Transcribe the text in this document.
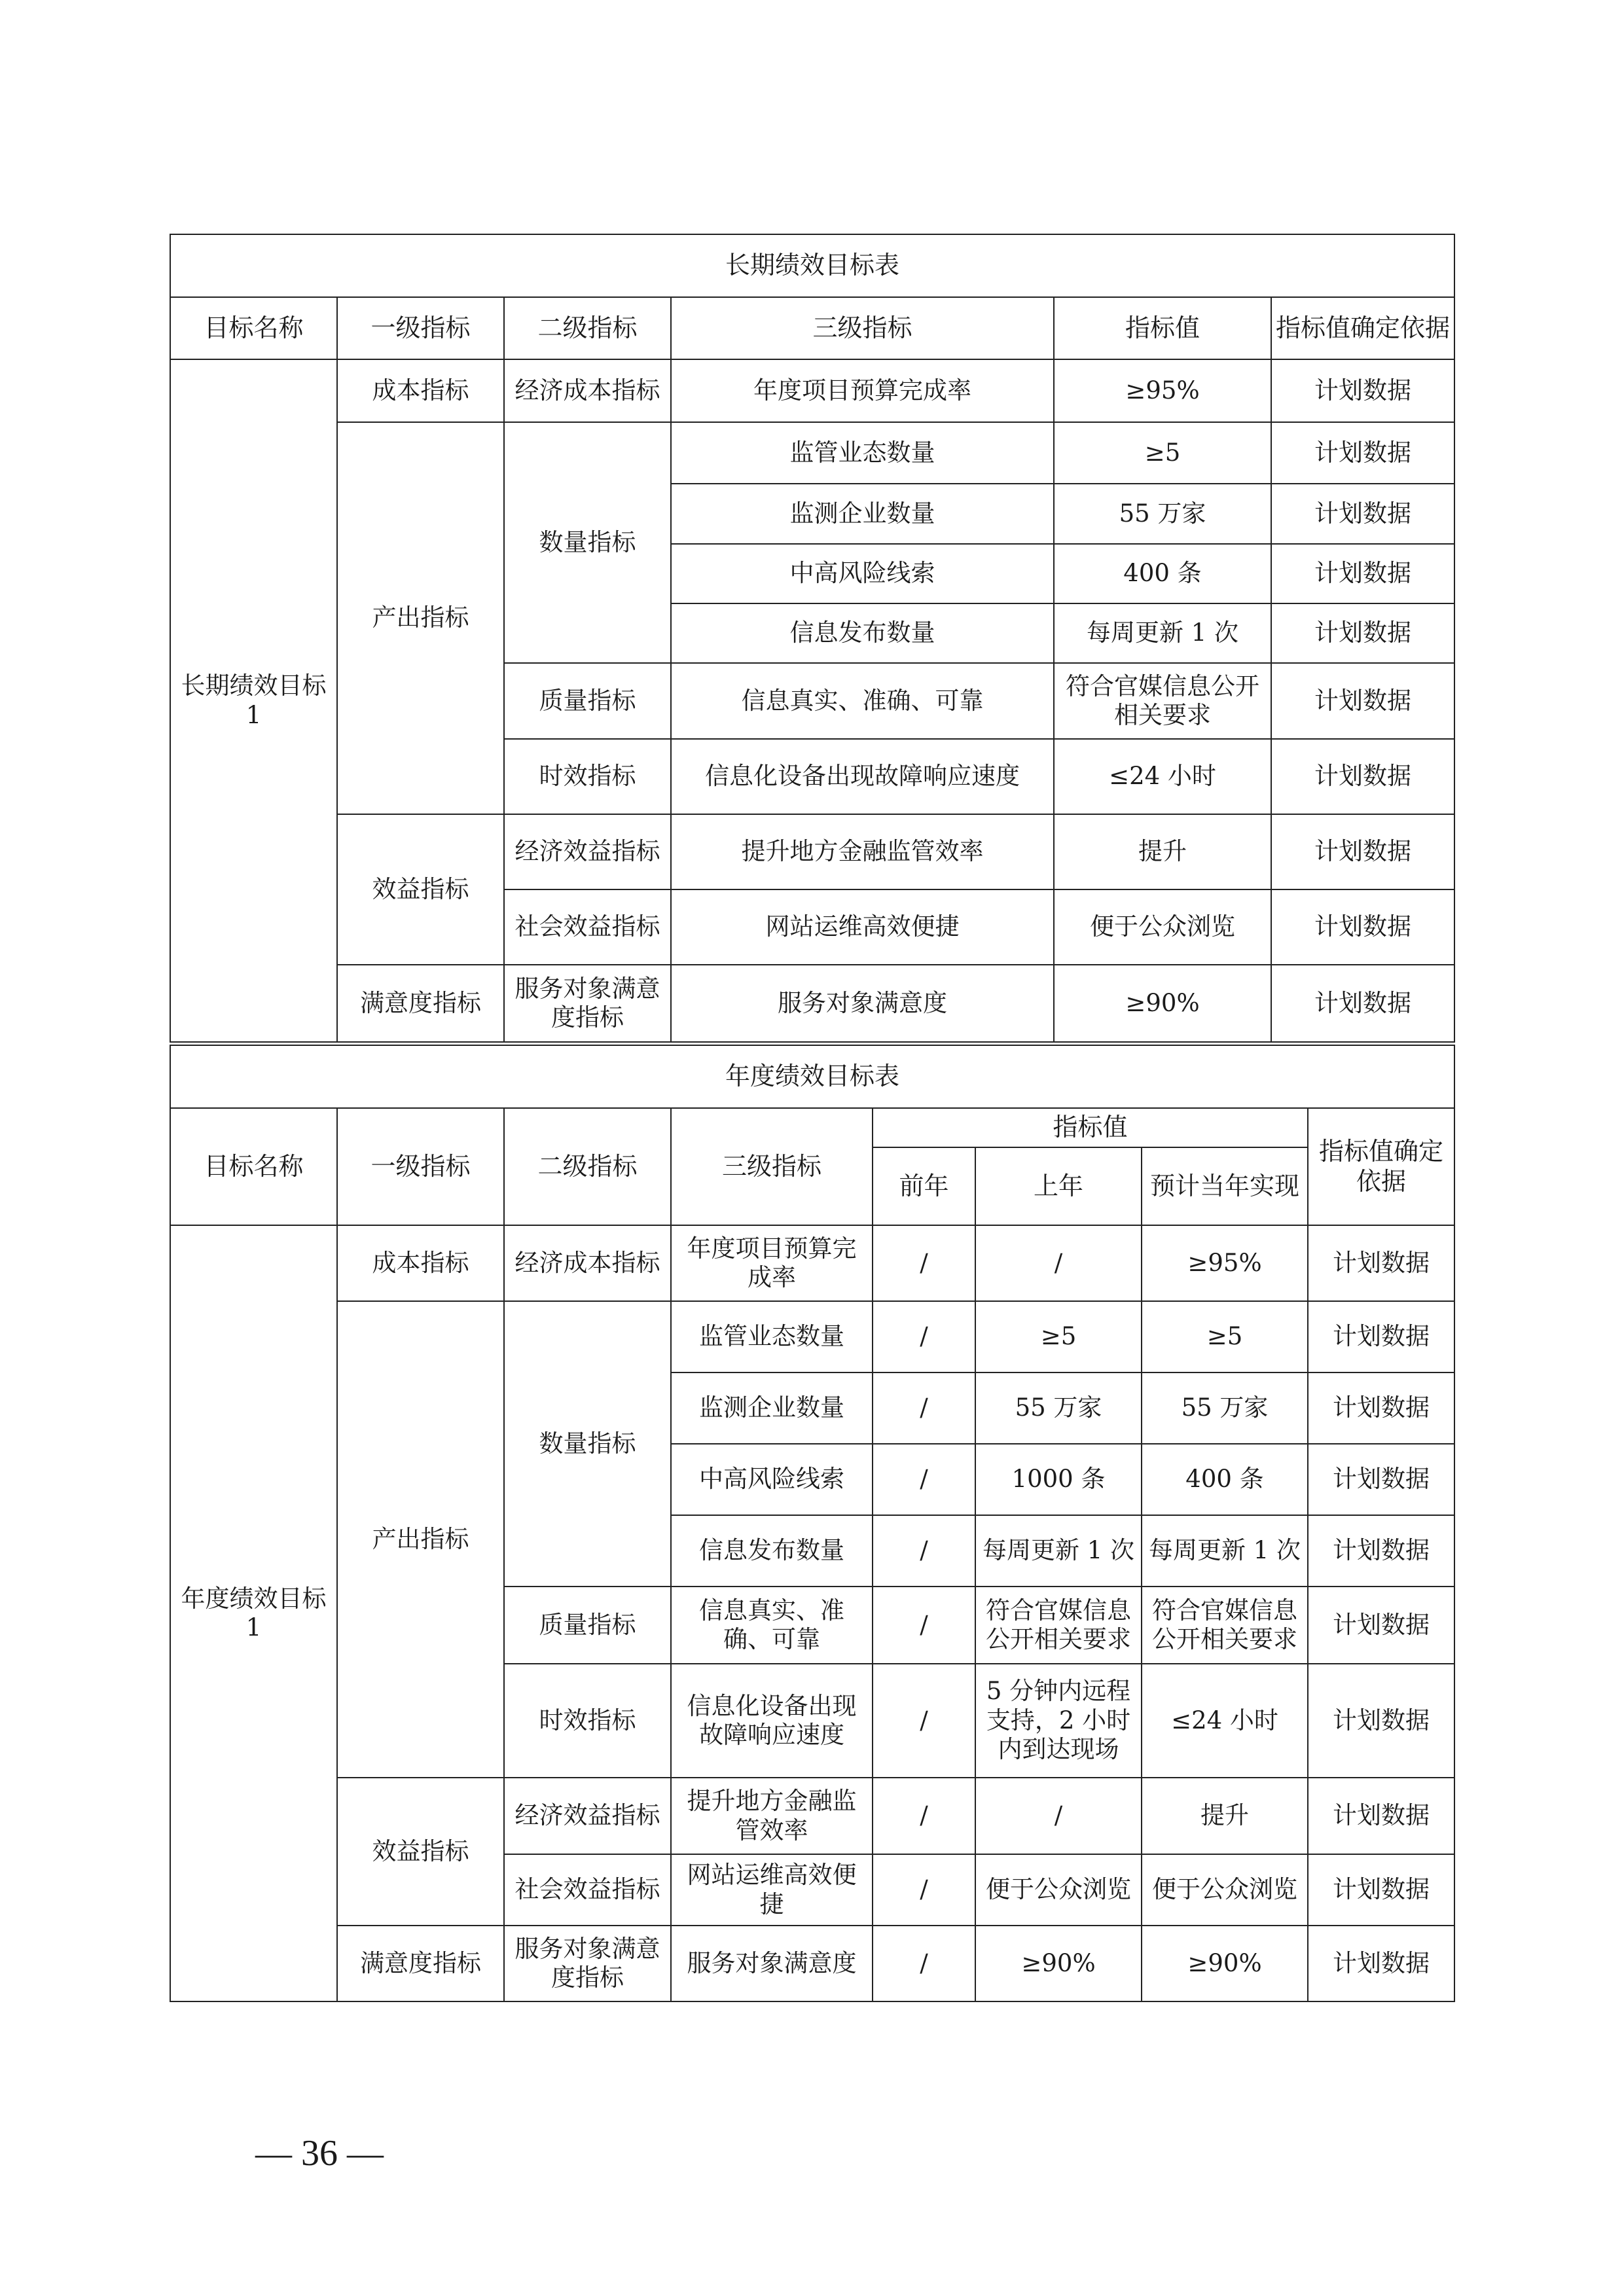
长期绩效目标表					
目标名称	一级指标	二级指标	三级指标	指标值	指标值确定依据
长期绩效目标1	成本指标	经济成本指标	年度项目预算完成率	≥95%	计划数据
	产出指标	数量指标	监管业态数量	≥5	计划数据
			监测企业数量	55 万家	计划数据
			中高风险线索	400 条	计划数据
			信息发布数量	每周更新 1 次	计划数据
		质量指标	信息真实、准确、可靠	符合官媒信息公开相关要求	计划数据
		时效指标	信息化设备出现故障响应速度	≤24 小时	计划数据
	效益指标	经济效益指标	提升地方金融监管效率	提升	计划数据
		社会效益指标	网站运维高效便捷	便于公众浏览	计划数据
	满意度指标	服务对象满意度指标	服务对象满意度	≥90%	计划数据
年度绩效目标表							
目标名称	一级指标	二级指标	三级指标	指标值			指标值确定依据
				前年	上年	预计当年实现	
年度绩效目标1	成本指标	经济成本指标	年度项目预算完成率	/	/	≥95%	计划数据
	产出指标	数量指标	监管业态数量	/	≥5	≥5	计划数据
			监测企业数量	/	55 万家	55 万家	计划数据
			中高风险线索	/	1000 条	400 条	计划数据
			信息发布数量	/	每周更新 1 次	每周更新 1 次	计划数据
		质量指标	信息真实、准确、可靠	/	符合官媒信息公开相关要求	符合官媒信息公开相关要求	计划数据
		时效指标	信息化设备出现故障响应速度	/	5 分钟内远程支持，2 小时内到达现场	≤24 小时	计划数据
	效益指标	经济效益指标	提升地方金融监管效率	/	/	提升	计划数据
		社会效益指标	网站运维高效便捷	/	便于公众浏览	便于公众浏览	计划数据
	满意度指标	服务对象满意度指标	服务对象满意度	/	≥90%	≥90%	计划数据
— 36 —
